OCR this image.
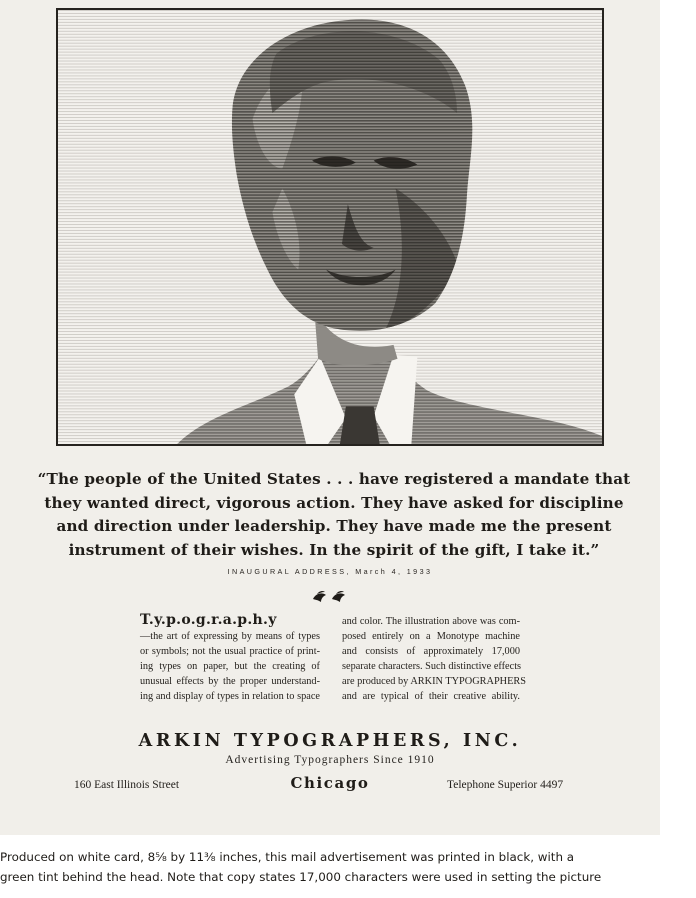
“The people of the United States . . . have registered a mandate that
they wanted direct, vigorous action. They have asked for discipline
and direction under leadership. They have made me the present
instrument of their wishes. In the spirit of the gift, I take it.”
INAUGURAL ADDRESS, March 4, 1933
T.y.p.o.g.r.a.p.h.y
—the art of expressing by means of types
or symbols; not the usual practice of print-
ing types on paper, but the creating of
unusual effects by the proper understand-
ing and display of types in relation to space
and color. The illustration above was com-
posed entirely on a Monotype machine
and consists of approximately 17,000
separate characters. Such distinctive effects
are produced by ARKIN TYPOGRAPHERS
and are typical of their creative ability.
ARKIN TYPOGRAPHERS, INC.
Advertising Typographers Since 1910
160 East Illinois Street	Chicago	Telephone Superior 4497
Produced on white card, 8⅝ by 11⅜ inches, this mail advertisement was printed in black, with a
green tint behind the head. Note that copy states 17,000 characters were used in setting the picture
